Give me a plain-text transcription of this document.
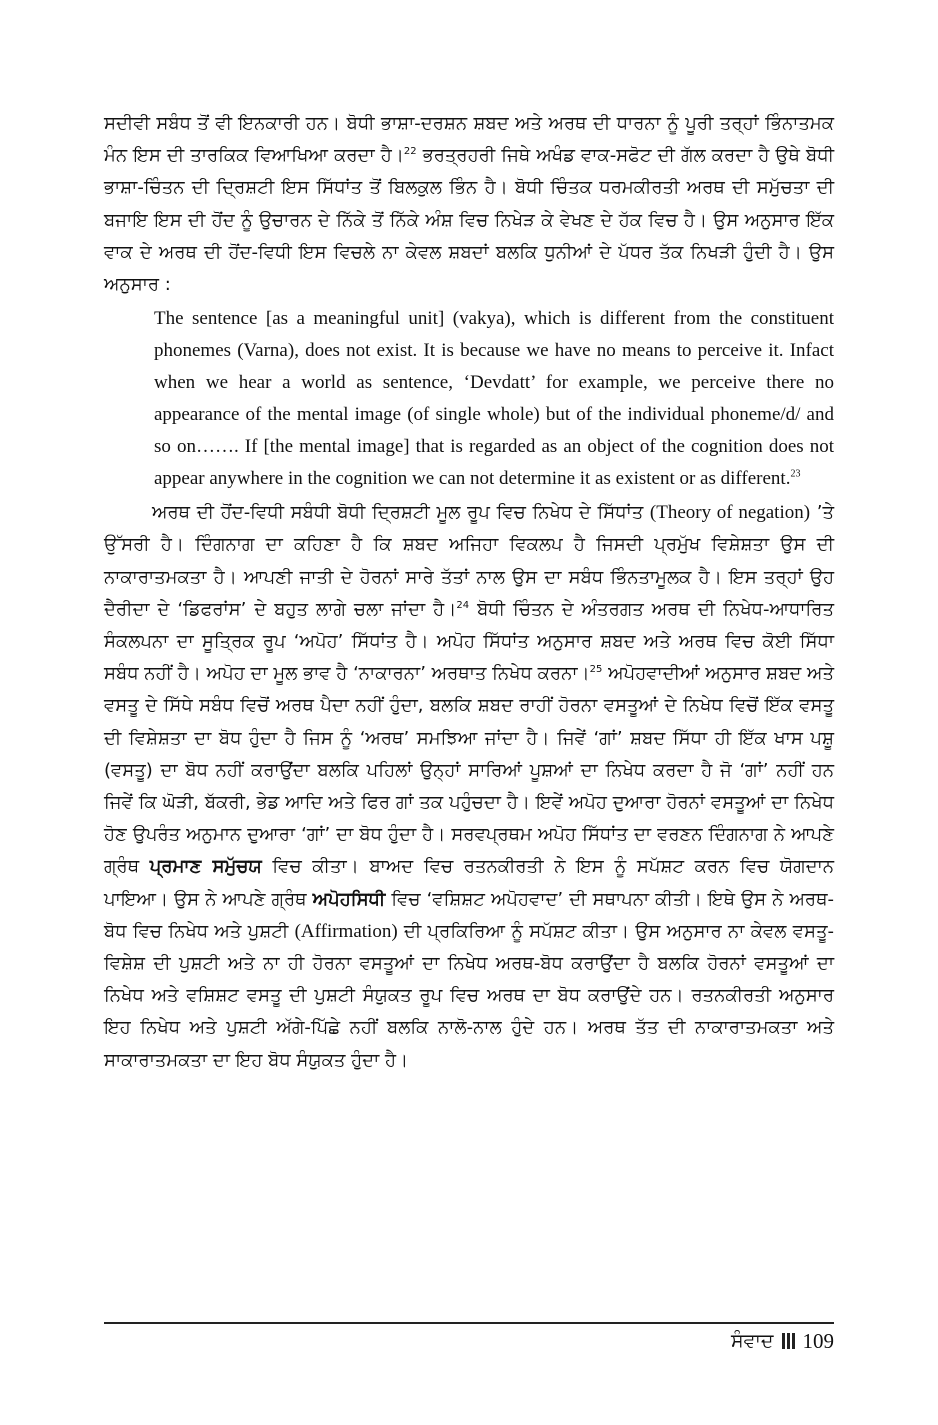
ਸਦੀਵੀ ਸਬੰਧ ਤੋਂ ਵੀ ਇਨਕਾਰੀ ਹਨ। ਬੋਧੀ ਭਾਸ਼ਾ-ਦਰਸ਼ਨ ਸ਼ਬਦ ਅਤੇ ਅਰਥ ਦੀ ਧਾਰਨਾ ਨੂੰ ਪੂਰੀ ਤਰ੍ਹਾਂ ਭਿੰਨਾਤਮਕ ਮੰਨ ਇਸ ਦੀ ਤਾਰਕਿਕ ਵਿਆਖਿਆ ਕਰਦਾ ਹੈ।$^{22}$ ਭਰਤ੍ਰਹਰੀ ਜਿਥੇ ਅਖੰਡ ਵਾਕ-ਸਫੋਟ ਦੀ ਗੱਲ ਕਰਦਾ ਹੈ ਉਥੇ ਬੋਧੀ ਭਾਸ਼ਾ-ਚਿੰਤਨ ਦੀ ਦ੍ਰਿਸ਼ਟੀ ਇਸ ਸਿੱਧਾਂਤ ਤੋਂ ਬਿਲਕੁਲ ਭਿੰਨ ਹੈ। ਬੋਧੀ ਚਿੰਤਕ ਧਰਮਕੀਰਤੀ ਅਰਥ ਦੀ ਸਮੁੱਚਤਾ ਦੀ ਬਜਾਇ ਇਸ ਦੀ ਹੋਂਦ ਨੂੰ ਉਚਾਰਨ ਦੇ ਨਿੱਕੇ ਤੋਂ ਨਿੱਕੇ ਅੰਸ਼ ਵਿਚ ਨਿਖੇੜ ਕੇ ਵੇਖਣ ਦੇ ਹੱਕ ਵਿਚ ਹੈ। ਉਸ ਅਨੁਸਾਰ ਇੱਕ ਵਾਕ ਦੇ ਅਰਥ ਦੀ ਹੋਂਦ-ਵਿਧੀ ਇਸ ਵਿਚਲੇ ਨਾ ਕੇਵਲ ਸ਼ਬਦਾਂ ਬਲਕਿ ਧੁਨੀਆਂ ਦੇ ਪੱਧਰ ਤੱਕ ਨਿਖੜੀ ਹੁੰਦੀ ਹੈ। ਉਸ ਅਨੁਸਾਰ :

The sentence [as a meaningful unit] (vakya), which is different from the constituent phonemes (Varna), does not exist. It is because we have no means to perceive it. Infact when we hear a world as sentence, ‘Devdatt’ for example, we perceive there no appearance of the mental image (of single whole) but of the individual phoneme/d/ and so on……. If [the mental image] that is regarded as an object of the cognition does not appear anywhere in the cognition we can not determine it as existent or as different.$^{23}$

ਅਰਥ ਦੀ ਹੋਂਦ-ਵਿਧੀ ਸਬੰਧੀ ਬੋਧੀ ਦ੍ਰਿਸ਼ਟੀ ਮੂਲ ਰੂਪ ਵਿਚ ਨਿਖੇਧ ਦੇ ਸਿੱਧਾਂਤ (Theory of negation) ’ਤੇ ਉੱਸਰੀ ਹੈ। ਦਿੰਗਨਾਗ ਦਾ ਕਹਿਣਾ ਹੈ ਕਿ ਸ਼ਬਦ ਅਜਿਹਾ ਵਿਕਲਪ ਹੈ ਜਿਸਦੀ ਪ੍ਰਮੁੱਖ ਵਿਸ਼ੇਸ਼ਤਾ ਉਸ ਦੀ ਨਾਕਾਰਾਤਮਕਤਾ ਹੈ। ਆਪਣੀ ਜਾਤੀ ਦੇ ਹੋਰਨਾਂ ਸਾਰੇ ਤੱਤਾਂ ਨਾਲ ਉਸ ਦਾ ਸਬੰਧ ਭਿੰਨਤਾਮੂਲਕ ਹੈ। ਇਸ ਤਰ੍ਹਾਂ ਉਹ ਦੈਰੀਦਾ ਦੇ ‘ਡਿਫਰਾਂਸ’ ਦੇ ਬਹੁਤ ਲਾਗੇ ਚਲਾ ਜਾਂਦਾ ਹੈ।$^{24}$ ਬੋਧੀ ਚਿੰਤਨ ਦੇ ਅੰਤਰਗਤ ਅਰਥ ਦੀ ਨਿਖੇਧ-ਆਧਾਰਿਤ ਸੰਕਲਪਨਾ ਦਾ ਸੂਤ੍ਰਿਕ ਰੂਪ ‘ਅਪੋਹ’ ਸਿੱਧਾਂਤ ਹੈ। ਅਪੋਹ ਸਿੱਧਾਂਤ ਅਨੁਸਾਰ ਸ਼ਬਦ ਅਤੇ ਅਰਥ ਵਿਚ ਕੋਈ ਸਿੱਧਾ ਸਬੰਧ ਨਹੀਂ ਹੈ। ਅਪੋਹ ਦਾ ਮੂਲ ਭਾਵ ਹੈ ‘ਨਾਕਾਰਨਾ’ ਅਰਥਾਤ ਨਿਖੇਧ ਕਰਨਾ।$^{25}$ ਅਪੋਹਵਾਦੀਆਂ ਅਨੁਸਾਰ ਸ਼ਬਦ ਅਤੇ ਵਸਤੂ ਦੇ ਸਿੱਧੇ ਸਬੰਧ ਵਿਚੋਂ ਅਰਥ ਪੈਦਾ ਨਹੀਂ ਹੁੰਦਾ, ਬਲਕਿ ਸ਼ਬਦ ਰਾਹੀਂ ਹੋਰਨਾ ਵਸਤੂਆਂ ਦੇ ਨਿਖੇਧ ਵਿਚੋਂ ਇੱਕ ਵਸਤੂ ਦੀ ਵਿਸ਼ੇਸ਼ਤਾ ਦਾ ਬੋਧ ਹੁੰਦਾ ਹੈ ਜਿਸ ਨੂੰ ‘ਅਰਥ’ ਸਮਝਿਆ ਜਾਂਦਾ ਹੈ। ਜਿਵੇਂ ‘ਗਾਂ’ ਸ਼ਬਦ ਸਿੱਧਾ ਹੀ ਇੱਕ ਖਾਸ ਪਸ਼ੂ (ਵਸਤੂ) ਦਾ ਬੋਧ ਨਹੀਂ ਕਰਾਉਂਦਾ ਬਲਕਿ ਪਹਿਲਾਂ ਉਨ੍ਹਾਂ ਸਾਰਿਆਂ ਪੂਸ਼ਆਂ ਦਾ ਨਿਖੇਧ ਕਰਦਾ ਹੈ ਜੋ ‘ਗਾਂ’ ਨਹੀਂ ਹਨ ਜਿਵੇਂ ਕਿ ਘੋੜੀ, ਬੱਕਰੀ, ਭੇਡ ਆਦਿ ਅਤੇ ਫਿਰ ਗਾਂ ਤਕ ਪਹੁੰਚਦਾ ਹੈ। ਇਵੇਂ ਅਪੋਹ ਦੁਆਰਾ ਹੋਰਨਾਂ ਵਸਤੂਆਂ ਦਾ ਨਿਖੇਧ ਹੋਣ ਉਪਰੰਤ ਅਨੁਮਾਨ ਦੁਆਰਾ ‘ਗਾਂ’ ਦਾ ਬੋਧ ਹੁੰਦਾ ਹੈ। ਸਰਵਪ੍ਰਥਮ ਅਪੋਹ ਸਿੱਧਾਂਤ ਦਾ ਵਰਣਨ ਦਿੰਗਨਾਗ ਨੇ ਆਪਣੇ ਗ੍ਰੰਥ ਪ੍ਰਮਾਣ ਸਮੁੱਚਯ ਵਿਚ ਕੀਤਾ। ਬਾਅਦ ਵਿਚ ਰਤਨਕੀਰਤੀ ਨੇ ਇਸ ਨੂੰ ਸਪੱਸ਼ਟ ਕਰਨ ਵਿਚ ਯੋਗਦਾਨ ਪਾਇਆ। ਉਸ ਨੇ ਆਪਣੇ ਗ੍ਰੰਥ ਅਪੋਹਸਿਧੀ ਵਿਚ ‘ਵਸ਼ਿਸ਼ਟ ਅਪੋਹਵਾਦ’ ਦੀ ਸਥਾਪਨਾ ਕੀਤੀ। ਇਥੇ ਉਸ ਨੇ ਅਰਥ-ਬੋਧ ਵਿਚ ਨਿਖੇਧ ਅਤੇ ਪੁਸ਼ਟੀ (Affirmation) ਦੀ ਪ੍ਰਕਿਰਿਆ ਨੂੰ ਸਪੱਸ਼ਟ ਕੀਤਾ। ਉਸ ਅਨੁਸਾਰ ਨਾ ਕੇਵਲ ਵਸਤੂ-ਵਿਸ਼ੇਸ਼ ਦੀ ਪੁਸ਼ਟੀ ਅਤੇ ਨਾ ਹੀ ਹੋਰਨਾ ਵਸਤੂਆਂ ਦਾ ਨਿਖੇਧ ਅਰਥ-ਬੋਧ ਕਰਾਉਂਦਾ ਹੈ ਬਲਕਿ ਹੋਰਨਾਂ ਵਸਤੂਆਂ ਦਾ ਨਿਖੇਧ ਅਤੇ ਵਸ਼ਿਸ਼ਟ ਵਸਤੂ ਦੀ ਪੁਸ਼ਟੀ ਸੰਯੁਕਤ ਰੂਪ ਵਿਚ ਅਰਥ ਦਾ ਬੋਧ ਕਰਾਉਂਦੇ ਹਨ। ਰਤਨਕੀਰਤੀ ਅਨੁਸਾਰ ਇਹ ਨਿਖੇਧ ਅਤੇ ਪੁਸ਼ਟੀ ਅੱਗੇ-ਪਿੱਛੇ ਨਹੀਂ ਬਲਕਿ ਨਾਲੋ-ਨਾਲ ਹੁੰਦੇ ਹਨ। ਅਰਥ ਤੱਤ ਦੀ ਨਾਕਾਰਾਤਮਕਤਾ ਅਤੇ ਸਾਕਾਰਾਤਮਕਤਾ ਦਾ ਇਹ ਬੋਧ ਸੰਯੁਕਤ ਹੁੰਦਾ ਹੈ।

ਸੰਵਾਦ 109
